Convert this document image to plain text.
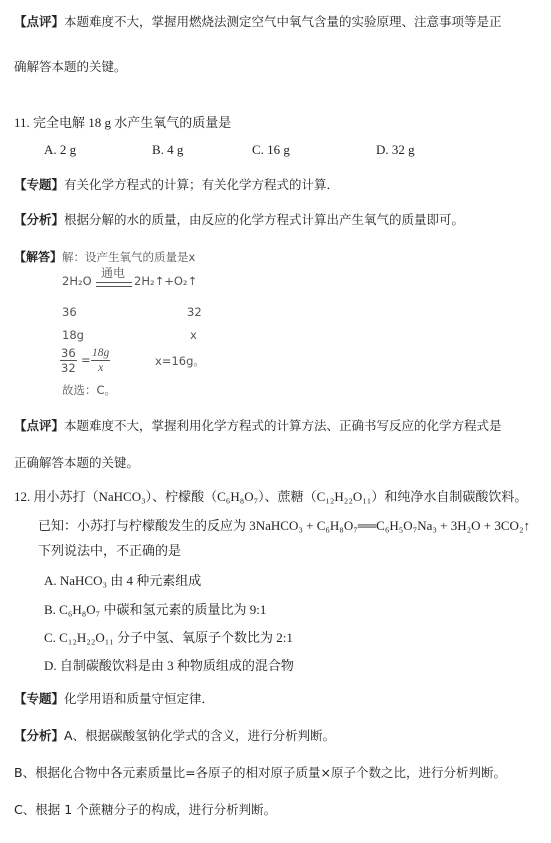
【点评】本题难度不大，掌握用燃烧法测定空气中氧气含量的实验原理、注意事项等是正
确解答本题的关键。
11. 完全电解 18 g 水产生氧气的质量是
A. 2 g	B. 4 g	C. 16 g	D. 32 g
【专题】有关化学方程式的计算；有关化学方程式的计算．
【分析】根据分解的水的质量，由反应的化学方程式计算出产生氧气的质量即可。
【解答】解：设产生氧气的质量是x
2H₂O
通电
2H₂↑+O₂↑
36	32
18g	x
$\frac{36}{32} = \frac{18g}{x}$	x=16g。
故选：C。
【点评】本题难度不大，掌握利用化学方程式的计算方法、正确书写反应的化学方程式是
正确解答本题的关键。
12. 用小苏打（NaHCO₃）、柠檬酸（C₆H₈O₇）、蔗糖（C₁₂H₂₂O₁₁）和纯净水自制碳酸饮料。
已知：小苏打与柠檬酸发生的反应为 3NaHCO₃ + C₆H₈O₇══C₆H₅O₇Na₃ + 3H₂O + 3CO₂↑
下列说法中，不正确的是
A. NaHCO₃ 由 4 种元素组成
B. C₆H₈O₇ 中碳和氢元素的质量比为 9:1
C. C₁₂H₂₂O₁₁ 分子中氢、氧原子个数比为 2:1
D. 自制碳酸饮料是由 3 种物质组成的混合物
【专题】化学用语和质量守恒定律．
【分析】A、根据碳酸氢钠化学式的含义，进行分析判断。
B、根据化合物中各元素质量比=各原子的相对原子质量×原子个数之比，进行分析判断。
C、根据 1 个蔗糖分子的构成，进行分析判断。
